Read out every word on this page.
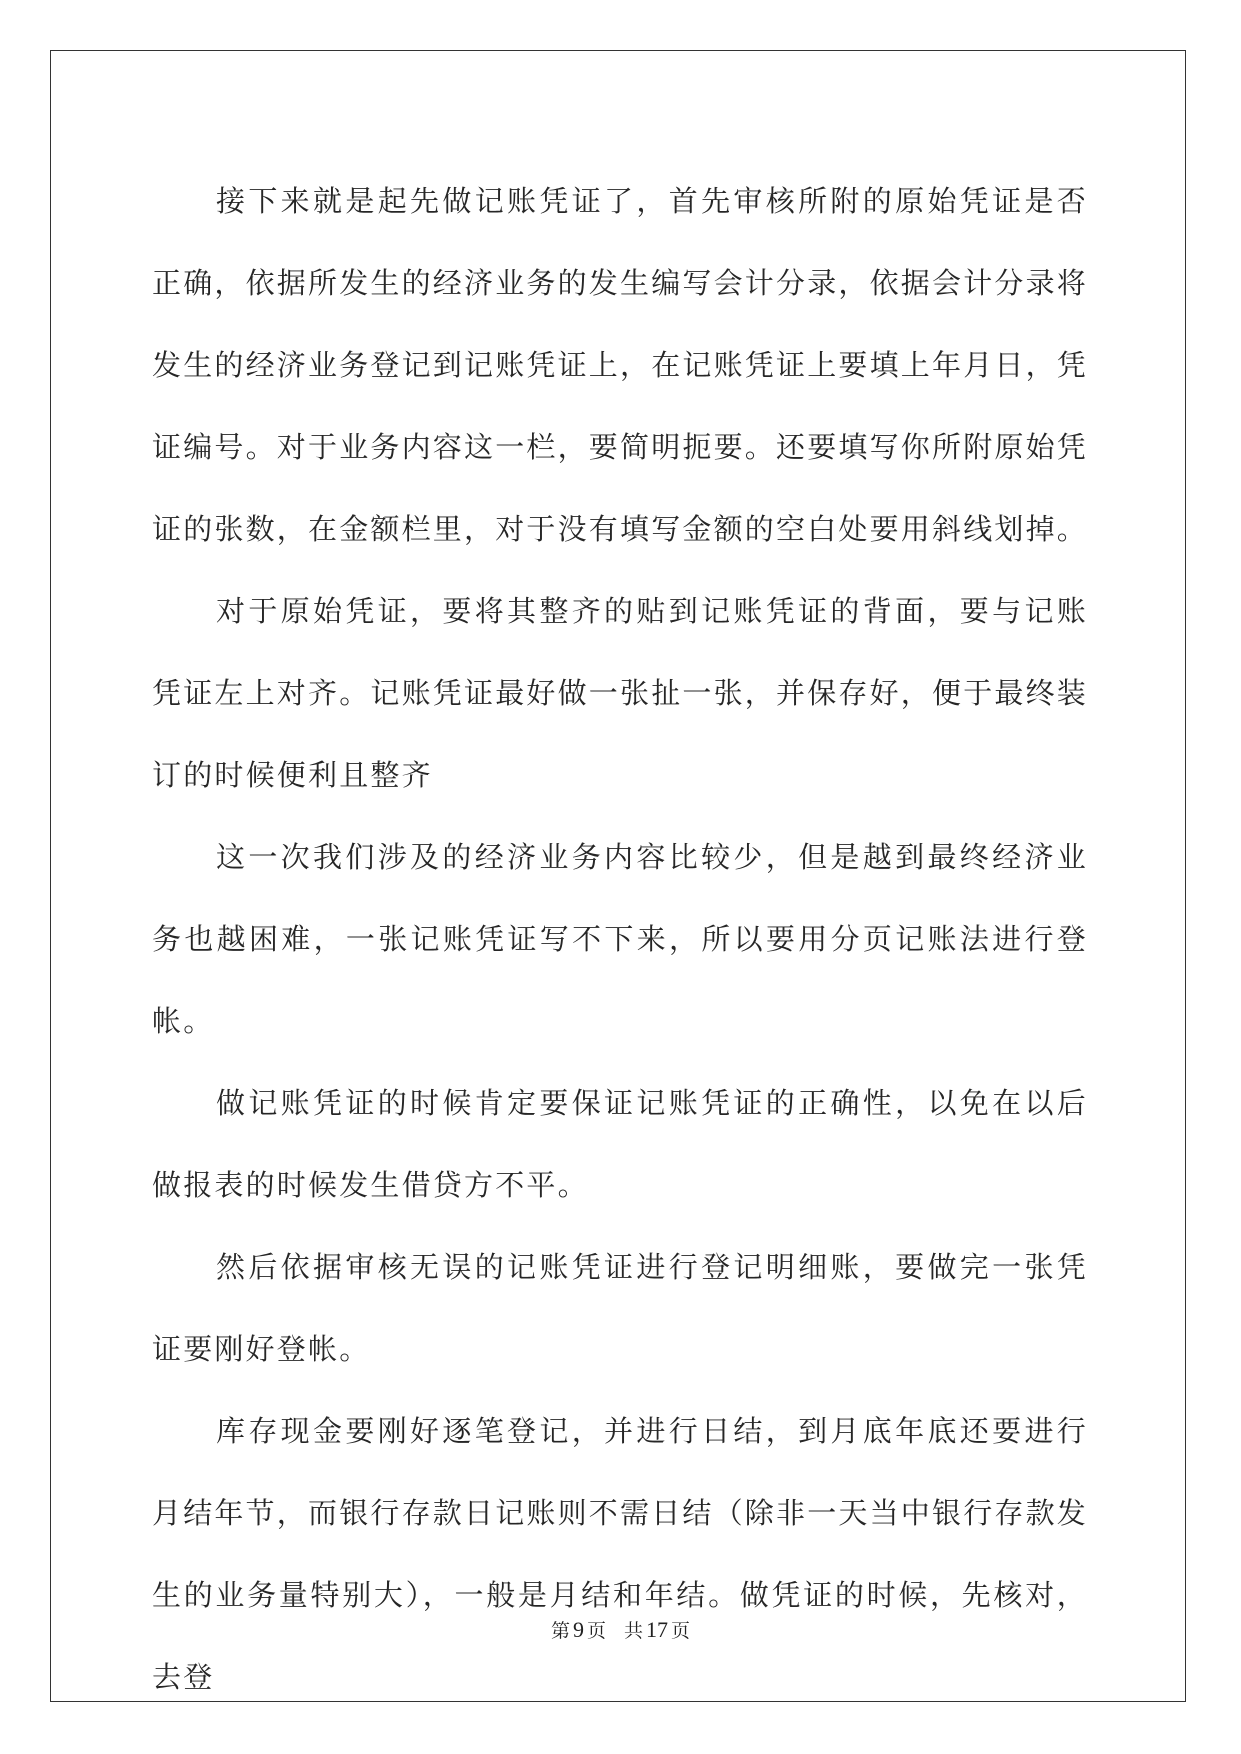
接下来就是起先做记账凭证了，首先审核所附的原始凭证是否正确，依据所发生的经济业务的发生编写会计分录，依据会计分录将发生的经济业务登记到记账凭证上，在记账凭证上要填上年月日，凭证编号。对于业务内容这一栏，要简明扼要。还要填写你所附原始凭证的张数，在金额栏里，对于没有填写金额的空白处要用斜线划掉。

对于原始凭证，要将其整齐的贴到记账凭证的背面，要与记账凭证左上对齐。记账凭证最好做一张扯一张，并保存好，便于最终装订的时候便利且整齐

这一次我们涉及的经济业务内容比较少，但是越到最终经济业务也越困难，一张记账凭证写不下来，所以要用分页记账法进行登帐。

做记账凭证的时候肯定要保证记账凭证的正确性，以免在以后做报表的时候发生借贷方不平。

然后依据审核无误的记账凭证进行登记明细账，要做完一张凭证要刚好登帐。

库存现金要刚好逐笔登记，并进行日结，到月底年底还要进行月结年节，而银行存款日记账则不需日结（除非一天当中银行存款发生的业务量特别大），一般是月结和年结。做凭证的时候，先核对，去登

第 9 页 共 17 页
